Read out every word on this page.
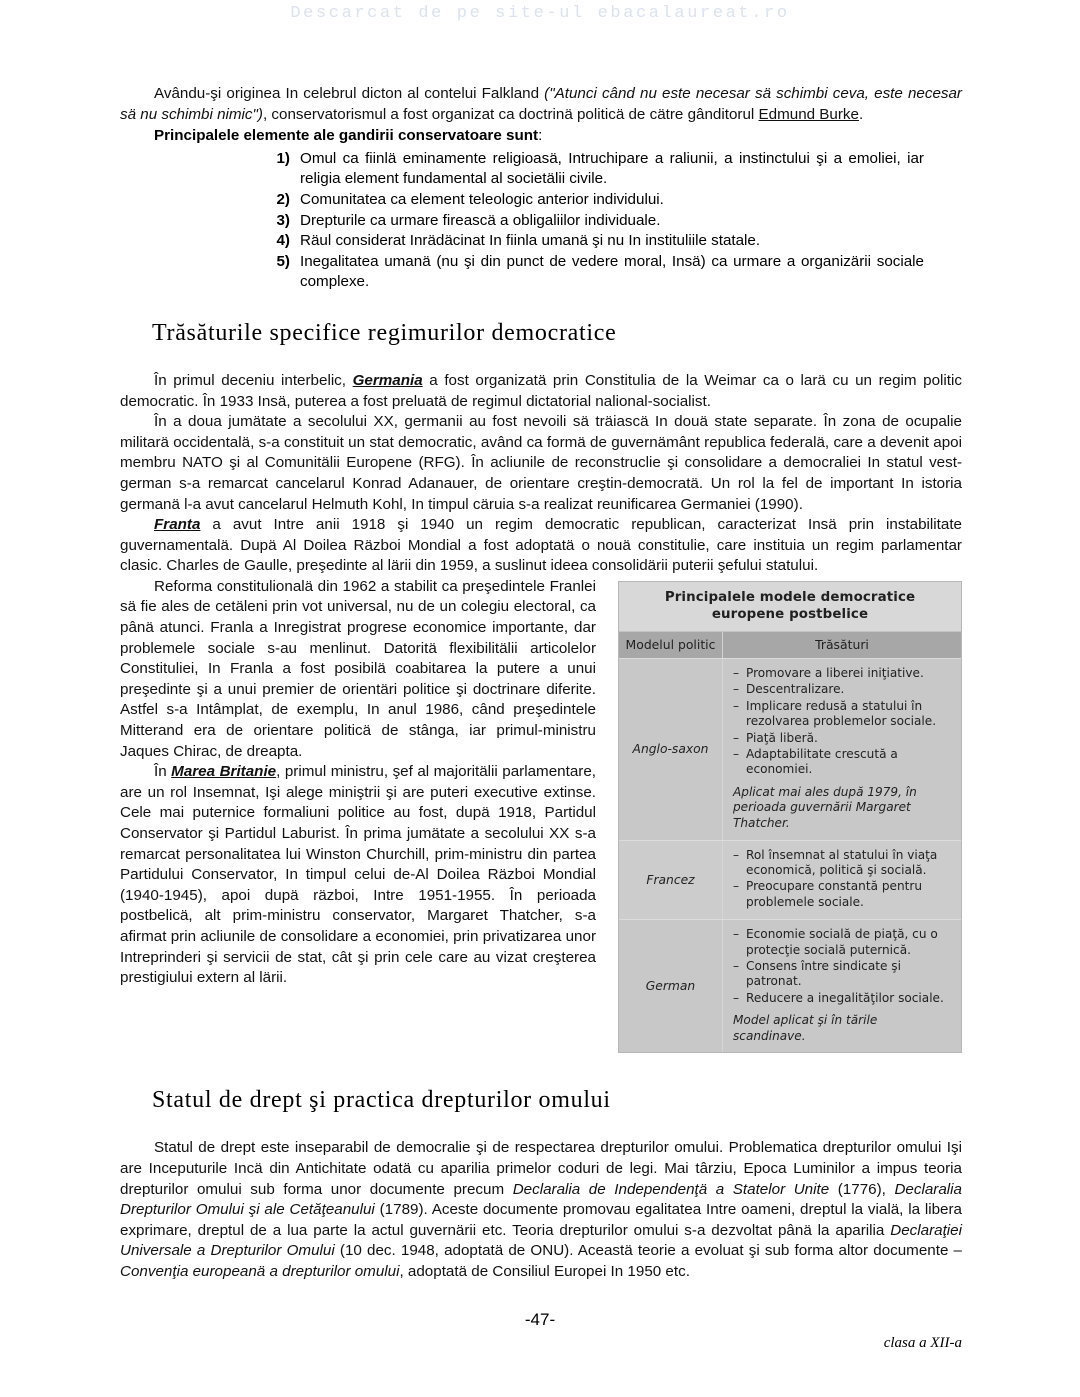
Descarcat de pe site-ul ebacalaureat.ro

Avându-şi originea In celebrul dicton al contelui Falkland ("Atunci când nu este necesar sä schimbi ceva, este necesar sä nu schimbi nimic"), conservatorismul a fost organizat ca doctrinä politicä de cätre gânditorul Edmund Burke.

Principalele elemente ale gandirii conservatoare sunt:
1) Omul ca fiinlä eminamente religioasä, Intruchipare a raliunii, a instinctului şi a emoliei, iar religia element fundamental al societälii civile.
2) Comunitatea ca element teleologic anterior individului.
3) Drepturile ca urmare fireascä a obligaliilor individuale.
4) Räul considerat Inrädäcinat In fiinla umanä şi nu In instituliile statale.
5) Inegalitatea umanä (nu şi din punct de vedere moral, Insä) ca urmare a organizärii sociale complexe.
Trăsăturile specifice regimurilor democratice

În primul deceniu interbelic, Germania a fost organizatä prin Constitulia de la Weimar ca o larä cu un regim politic democratic. În 1933 Insä, puterea a fost preluatä de regimul dictatorial nalional-socialist.

În a doua jumätate a secolului XX, germanii au fost nevoili sä träiascä In douä state separate. În zona de ocupalie militarä occidentalä, s-a constituit un stat democratic, având ca formä de guvernämânt republica federalä, care a devenit apoi membru NATO şi al Comunitälii Europene (RFG). În acliunile de reconstruclie şi consolidare a democraliei In statul vest-german s-a remarcat cancelarul Konrad Adanauer, de orientare creştin-democratä. Un rol la fel de important In istoria germanä l-a avut cancelarul Helmuth Kohl, In timpul cäruia s-a realizat reunificarea Germaniei (1990).

Franta a avut Intre anii 1918 şi 1940 un regim democratic republican, caracterizat Insä prin instabilitate guvernamentalä. Dupä Al Doilea Räzboi Mondial a fost adoptatä o nouä constitulie, care instituia un regim parlamentar clasic. Charles de Gaulle, preşedinte al lärii din 1959, a suslinut ideea consolidärii puterii şefului statului.

Principalele modele democratice europene postbelice
Modelul politic	Trăsături
Anglo-saxon
– Promovare a liberei iniţiative.
– Descentralizare.
– Implicare redusă a statului în rezolvarea problemelor sociale.
– Piaţă liberă.
– Adaptabilitate crescută a economiei.
Aplicat mai ales după 1979, în perioada guvernării Margaret Thatcher.
Francez
– Rol însemnat al statului în viaţa economică, politică şi socială.
– Preocupare constantă pentru problemele sociale.
German
– Economie socială de piaţă, cu o protecţie socială puternică.
– Consens între sindicate şi patronat.
– Reducere a inegalităţilor sociale.
Model aplicat şi în tările scandinave.

Reforma constitulionalä din 1962 a stabilit ca preşedintele Franlei sä fie ales de cetäleni prin vot universal, nu de un colegiu electoral, ca pânä atunci. Franla a Inregistrat progrese economice importante, dar problemele sociale s-au menlinut. Datoritä flexibilitälii articolelor Constituliei, In Franla a fost posibilä coabitarea la putere a unui preşedinte şi a unui premier de orientäri politice şi doctrinare diferite. Astfel s-a Intâmplat, de exemplu, In anul 1986, când preşedintele Mitterand era de orientare politicä de stânga, iar primul-ministru Jaques Chirac, de dreapta.

În Marea Britanie, primul ministru, şef al majoritälii parlamentare, are un rol Insemnat, Işi alege miniştrii şi are puteri executive extinse. Cele mai puternice formaliuni politice au fost, dupä 1918, Partidul Conservator şi Partidul Laburist. În prima jumätate a secolului XX s-a remarcat personalitatea lui Winston Churchill, prim-ministru din partea Partidului Conservator, In timpul celui de-Al Doilea Räzboi Mondial (1940-1945), apoi dupä räzboi, Intre 1951-1955. În perioada postbelicä, alt prim-ministru conservator, Margaret Thatcher, s-a afirmat prin acliunile de consolidare a economiei, prin privatizarea unor Intreprinderi şi servicii de stat, cât şi prin cele care au vizat creşterea prestigiului extern al lärii.

Statul de drept şi practica drepturilor omului

Statul de drept este inseparabil de democralie şi de respectarea drepturilor omului. Problematica drepturilor omului Işi are Inceputurile Incä din Antichitate odatä cu aparilia primelor coduri de legi. Mai târziu, Epoca Luminilor a impus teoria drepturilor omului sub forma unor documente precum Declaralia de Independenţä a Statelor Unite (1776), Declaralia Drepturilor Omului şi ale Cetăţeanului (1789). Aceste documente promovau egalitatea Intre oameni, dreptul la vialä, la libera exprimare, dreptul de a lua parte la actul guvernärii etc. Teoria drepturilor omului s-a dezvoltat pânä la aparilia Declaraţiei Universale a Drepturilor Omului (10 dec. 1948, adoptatä de ONU). Aceastä teorie a evoluat şi sub forma altor documente – Convenţia europeanä a drepturilor omului, adoptatä de Consiliul Europei In 1950 etc.

-47-
clasa a XII-a
